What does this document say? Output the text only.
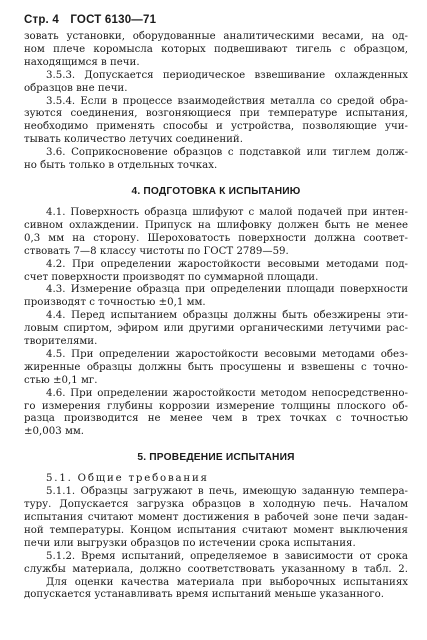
Стр. 4 ГОСТ 6130—71
зовать установки, оборудованные аналитическими весами, на од-
ном плече коромысла которых подвешивают тигель с образцом,
находящимся в печи.
3.5.3. Допускается периодическое взвешивание охлажденных
образцов вне печи.
3.5.4. Если в процессе взаимодействия металла со средой обра-
зуются соединения, возгоняющиеся при температуре испытания,
необходимо применять способы и устройства, позволяющие учи-
тывать количество летучих соединений.
3.6. Соприкосновение образцов с подставкой или тиглем долж-
но быть только в отдельных точках.
4. ПОДГОТОВКА К ИСПЫТАНИЮ
4.1. Поверхность образца шлифуют с малой подачей при интен-
сивном охлаждении. Припуск на шлифовку должен быть не менее
0,3 мм на сторону. Шероховатость поверхности должна соответ-
ствовать 7—8 классу чистоты по ГОСТ 2789—59.
4.2. При определении жаростойкости весовыми методами под-
счет поверхности производят по суммарной площади.
4.3. Измерение образца при определении площади поверхности
производят с точностью ±0,1 мм.
4.4. Перед испытанием образцы должны быть обезжирены эти-
ловым спиртом, эфиром или другими органическими летучими рас-
творителями.
4.5. При определении жаростойкости весовыми методами обез-
жиренные образцы должны быть просушены и взвешены с точно-
стью ±0,1 мг.
4.6. При определении жаростойкости методом непосредственно-
го измерения глубины коррозии измерение толщины плоского об-
разца производится не менее чем в трех точках с точностью
±0,003 мм.
5. ПРОВЕДЕНИЕ ИСПЫТАНИЯ
5.1. Общие требования
5.1.1. Образцы загружают в печь, имеющую заданную темпера-
туру. Допускается загрузка образцов в холодную печь. Началом
испытания считают момент достижения в рабочей зоне печи задан-
ной температуры. Концом испытания считают момент выключения
печи или выгрузки образцов по истечении срока испытания.
5.1.2. Время испытаний, определяемое в зависимости от срока
службы материала, должно соответствовать указанному в табл. 2.
Для оценки качества материала при выборочных испытаниях
допускается устанавливать время испытаний меньше указанного.
